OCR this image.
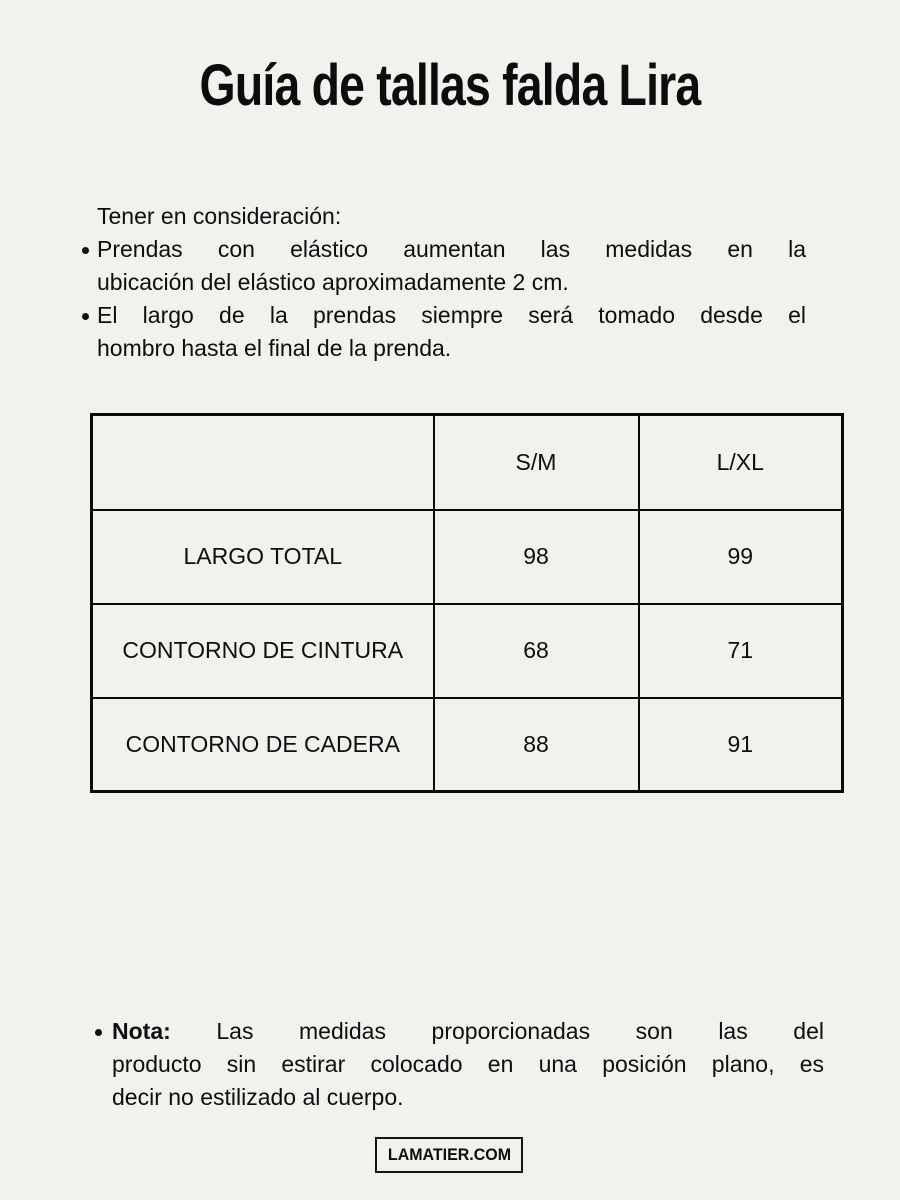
Guía de tallas falda Lira
Tener en consideración:
Prendas con elástico aumentan las medidas en la
ubicación del elástico aproximadamente 2 cm.
El largo de la prendas siempre será tomado desde el
hombro hasta el final de la prenda.
	S/M	L/XL
LARGO TOTAL	98	99
CONTORNO DE CINTURA	68	71
CONTORNO DE CADERA	88	91
Nota: Las medidas proporcionadas son las del
producto sin estirar colocado en una posición plano, es
decir no estilizado al cuerpo.
LAMATIER.COM
